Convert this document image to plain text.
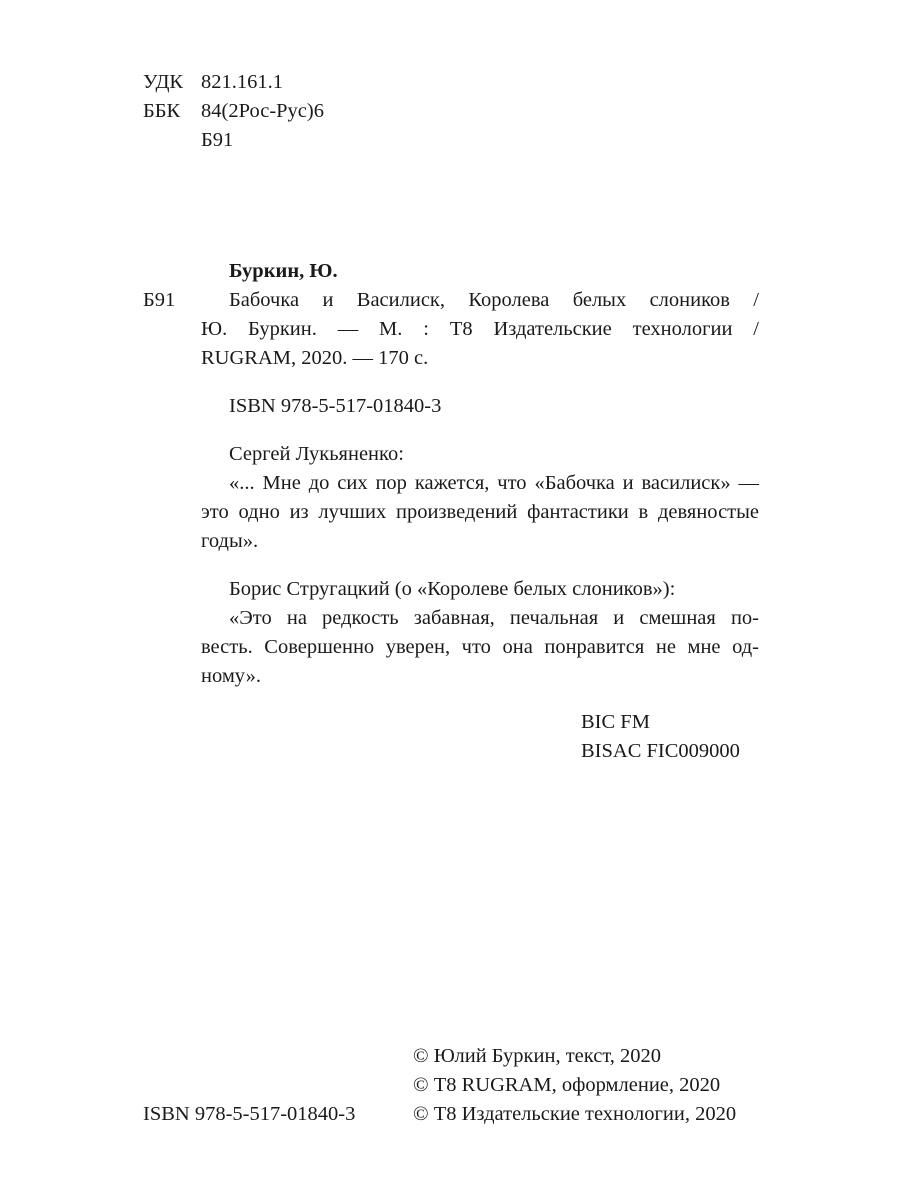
УДК 821.161.1
ББК 84(2Рос-Рус)6
Б91
Буркин, Ю.
Б91	Бабочка и Василиск, Королева белых слоников /
Ю. Буркин. — М. : Т8 Издательские технологии /
RUGRAM, 2020. — 170 с.
ISBN 978-5-517-01840-3
Сергей Лукьяненко:
«... Мне до сих пор кажется, что «Бабочка и василиск» —
это одно из лучших произведений фантастики в девяностые
годы».
Борис Стругацкий (о «Королеве белых слоников»):
«Это на редкость забавная, печальная и смешная по-
весть. Совершенно уверен, что она понравится не мне од-
ному».
BIC FM
BISAC FIC009000
© Юлий Буркин, текст, 2020
© Т8 RUGRAM, оформление, 2020
ISBN 978-5-517-01840-3	© Т8 Издательские технологии, 2020
